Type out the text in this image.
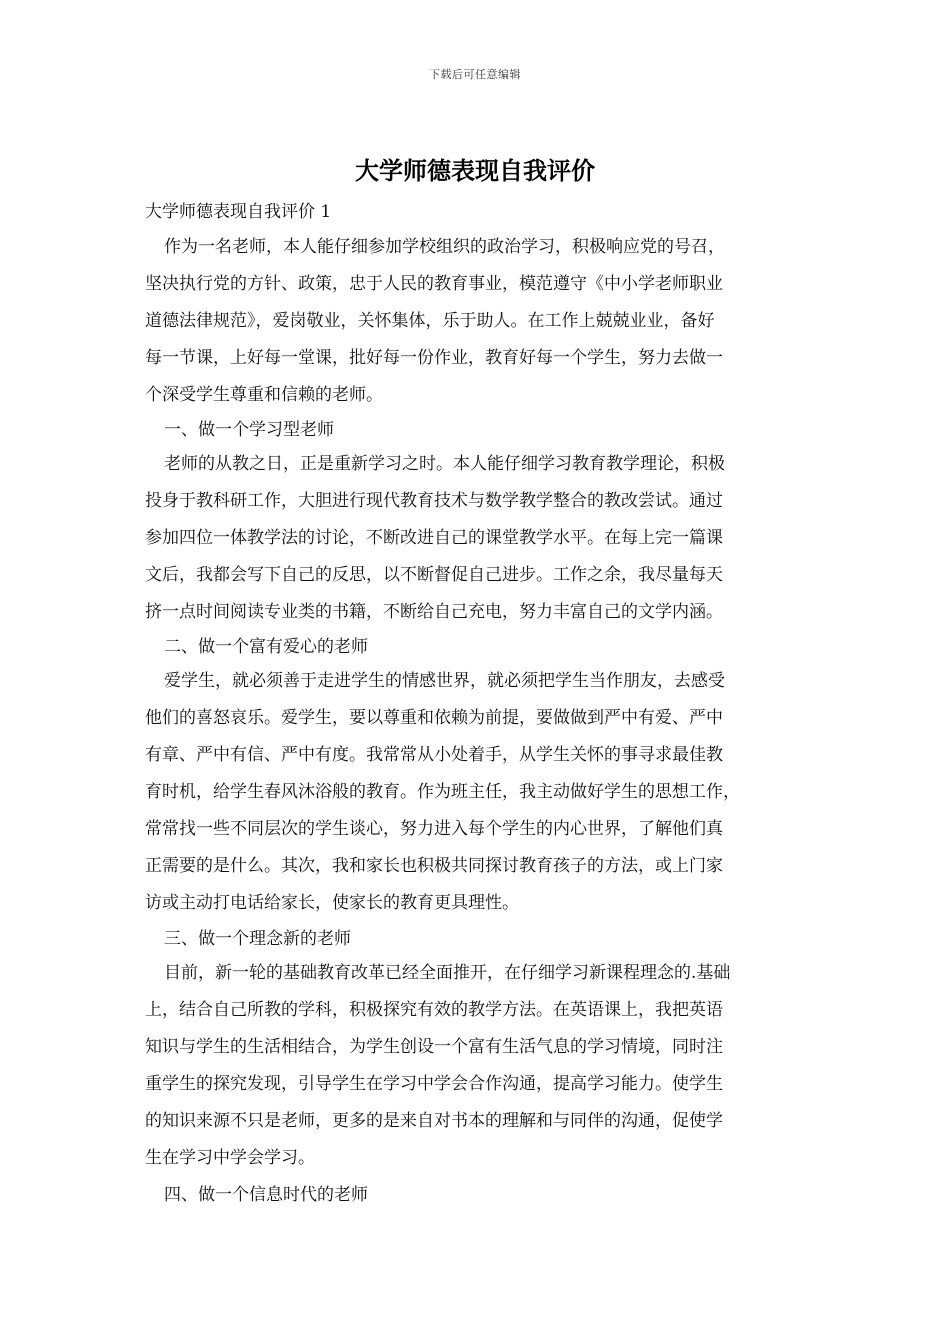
下载后可任意编辑
大学师德表现自我评价
大学师德表现自我评价 1
作为一名老师，本人能仔细参加学校组织的政治学习，积极响应党的号召，
坚决执行党的方针、政策，忠于人民的教育事业，模范遵守《中小学老师职业
道德法律规范》，爱岗敬业，关怀集体，乐于助人。在工作上兢兢业业，备好
每一节课，上好每一堂课，批好每一份作业，教育好每一个学生，努力去做一
个深受学生尊重和信赖的老师。
一、做一个学习型老师
老师的从教之日，正是重新学习之时。本人能仔细学习教育教学理论，积极
投身于教科研工作，大胆进行现代教育技术与数学教学整合的教改尝试。通过
参加四位一体教学法的讨论，不断改进自己的课堂教学水平。在每上完一篇课
文后，我都会写下自己的反思，以不断督促自己进步。工作之余，我尽量每天
挤一点时间阅读专业类的书籍，不断给自己充电，努力丰富自己的文学内涵。
二、做一个富有爱心的老师
爱学生，就必须善于走进学生的情感世界，就必须把学生当作朋友，去感受
他们的喜怒哀乐。爱学生，要以尊重和依赖为前提，要做做到严中有爱、严中
有章、严中有信、严中有度。我常常从小处着手，从学生关怀的事寻求最佳教
育时机，给学生春风沐浴般的教育。作为班主任，我主动做好学生的思想工作，
常常找一些不同层次的学生谈心，努力进入每个学生的内心世界，了解他们真
正需要的是什么。其次，我和家长也积极共同探讨教育孩子的方法，或上门家
访或主动打电话给家长，使家长的教育更具理性。
三、做一个理念新的老师
目前，新一轮的基础教育改革已经全面推开，在仔细学习新课程理念的.基础
上，结合自己所教的学科，积极探究有效的教学方法。在英语课上，我把英语
知识与学生的生活相结合，为学生创设一个富有生活气息的学习情境，同时注
重学生的探究发现，引导学生在学习中学会合作沟通，提高学习能力。使学生
的知识来源不只是老师，更多的是来自对书本的理解和与同伴的沟通，促使学
生在学习中学会学习。
四、做一个信息时代的老师
